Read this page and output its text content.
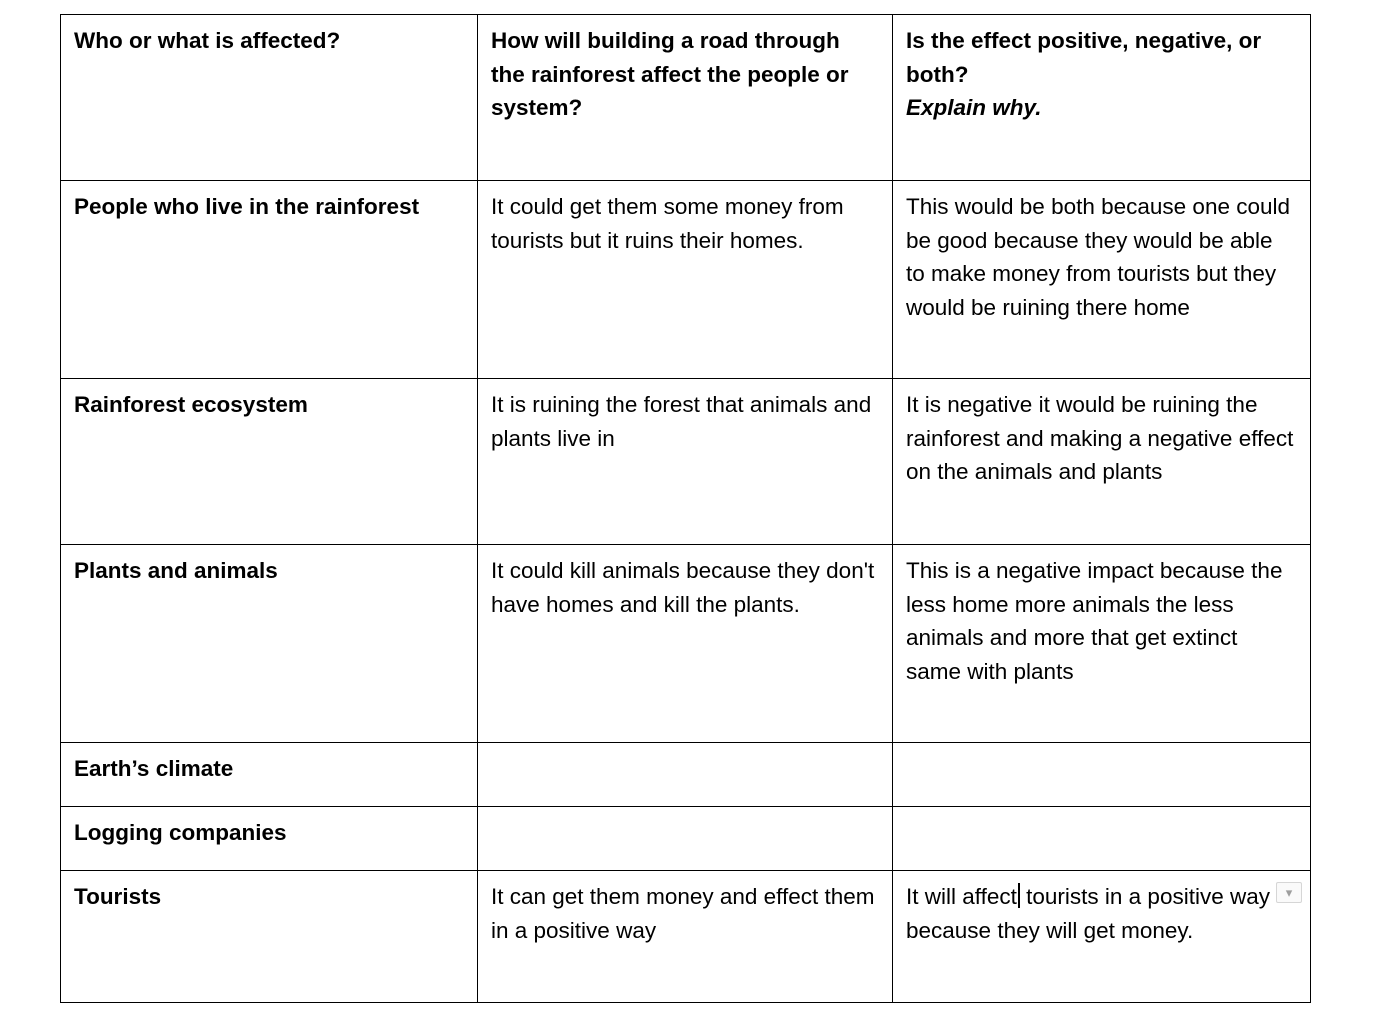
Who or what is affected?	How will building a road through the rainforest affect the people or system?	Is the effect positive, negative, or both?
Explain why.

People who live in the rainforest	It could get them some money from tourists but it ruins their homes.	This would be both because one could be good because they would be able to make money from tourists but they would be ruining there home
Rainforest ecosystem	It is ruining the forest that animals and plants live in	It is negative it would be ruining the rainforest and making a negative effect on the animals and plants
Plants and animals	It could kill animals because they don't have homes and kill the plants.	This is a negative impact because the less home more animals the less animals and more that get extinct same with plants
Earth’s climate		
Logging companies		
Tourists	It can get them money and effect them in a positive way	It will affect tourists in a positive way because they will get money.
▾
